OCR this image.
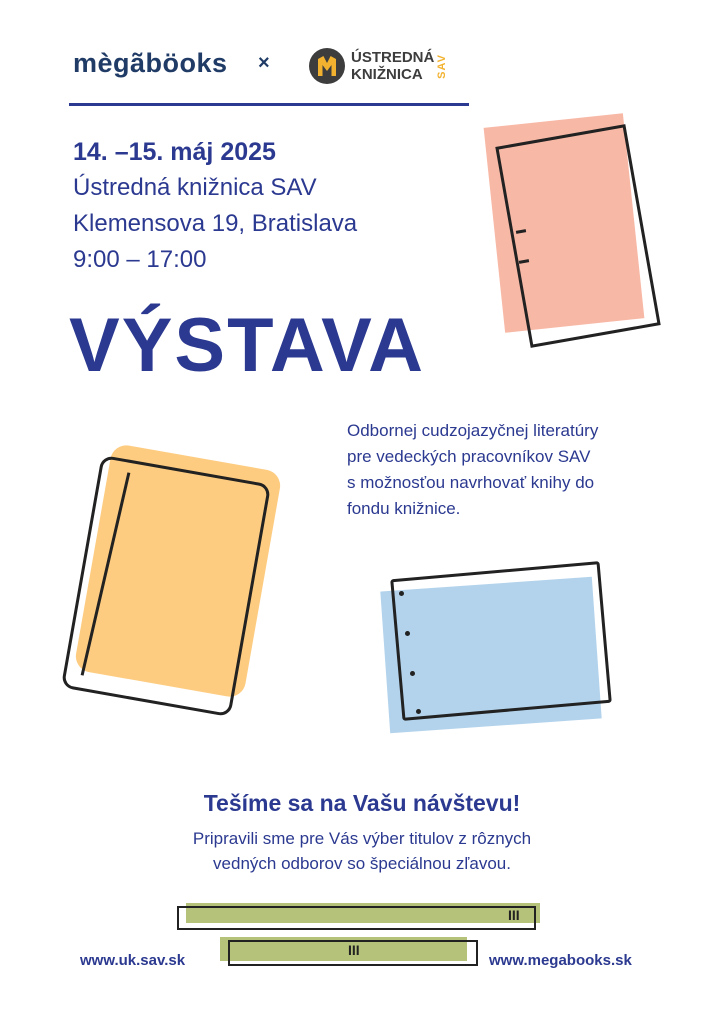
mègãböoks ×	ÚSTREDNÁ
KNIŽNICA SAV
14. –15. máj 2025
Ústredná knižnica SAV
Klemensova 19, Bratislava
9:00 – 17:00
VÝSTAVA
Odbornej cudzojazyčnej literatúry
pre vedeckých pracovníkov SAV
s možnosťou navrhovať knihy do
fondu knižnice.
Tešíme sa na Vašu návštevu!
Pripravili sme pre Vás výber titulov z rôznych
vedných odborov so špeciálnou zľavou.
III
III
www.uk.sav.sk	www.megabooks.sk
